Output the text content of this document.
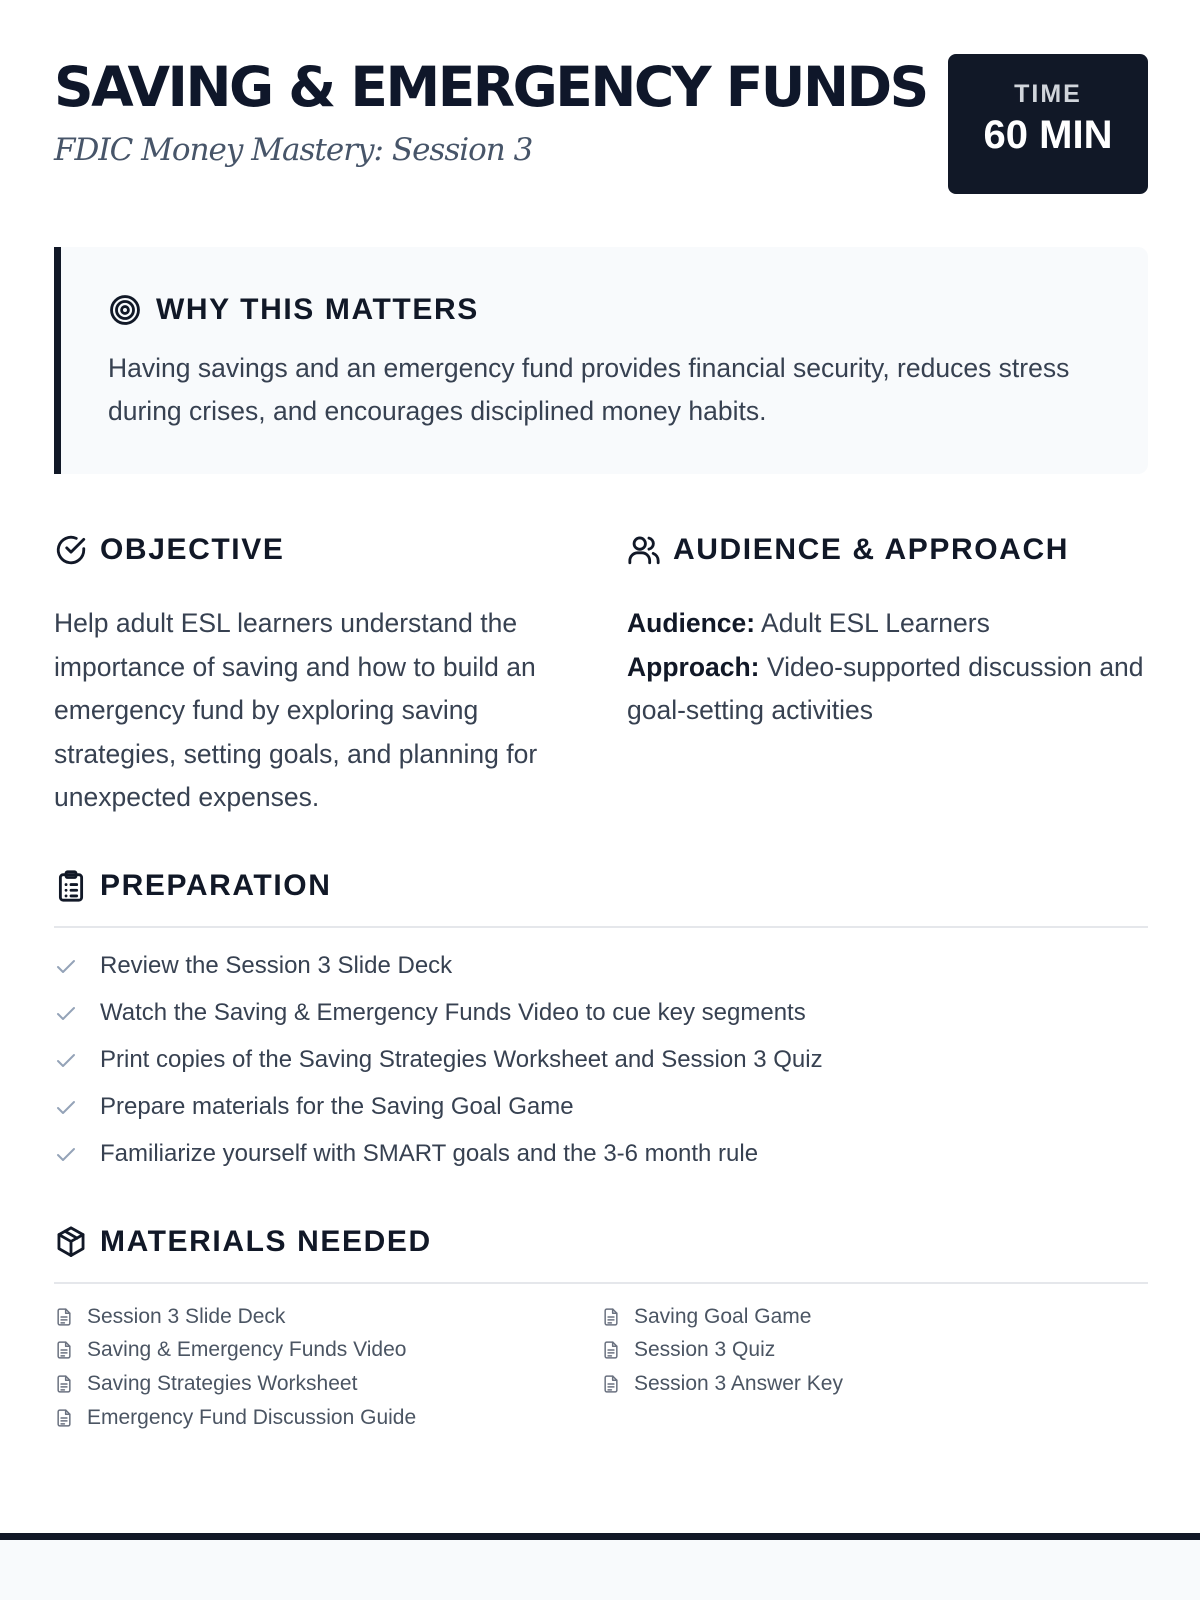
SAVING & EMERGENCY FUNDS
FDIC Money Mastery: Session 3
TIME
60 MIN
WHY THIS MATTERS

Having savings and an emergency fund provides financial security, reduces stress during crises, and encourages disciplined money habits.

OBJECTIVE

Help adult ESL learners understand the importance of saving and how to build an emergency fund by exploring saving strategies, setting goals, and planning for unexpected expenses.

AUDIENCE & APPROACH
Audience: Adult ESL Learners
Approach: Video-supported discussion and goal-setting activities
PREPARATION
Review the Session 3 Slide Deck
Watch the Saving & Emergency Funds Video to cue key segments
Print copies of the Saving Strategies Worksheet and Session 3 Quiz
Prepare materials for the Saving Goal Game
Familiarize yourself with SMART goals and the 3-6 month rule
MATERIALS NEEDED
Session 3 Slide Deck
Saving & Emergency Funds Video
Saving Strategies Worksheet
Emergency Fund Discussion Guide
Saving Goal Game
Session 3 Quiz
Session 3 Answer Key
